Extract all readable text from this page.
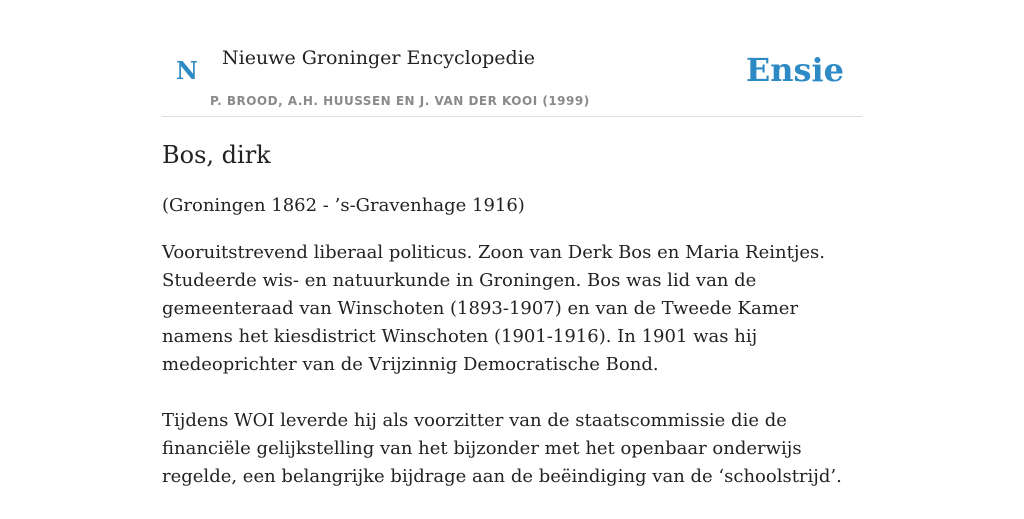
N Nieuwe Groninger Encyclopedie
P. BROOD, A.H. HUUSSEN EN J. VAN DER KOOI (1999)
Ensie
Bos, dirk

(Groningen 1862 - ’s-Gravenhage 1916)

Vooruitstrevend liberaal politicus. Zoon van Derk Bos en Maria Reintjes. Studeerde wis- en natuurkunde in Groningen. Bos was lid van de gemeenteraad van Winschoten (1893-1907) en van de Tweede Kamer namens het kiesdistrict Winschoten (1901-1916). In 1901 was hij medeoprichter van de Vrijzinnig Democratische Bond.

Tijdens WOI leverde hij als voorzitter van de staatscommissie die de financiële gelijkstelling van het bijzonder met het openbaar onderwijs regelde, een belangrijke bijdrage aan de beëindiging van de ‘schoolstrijd’.
